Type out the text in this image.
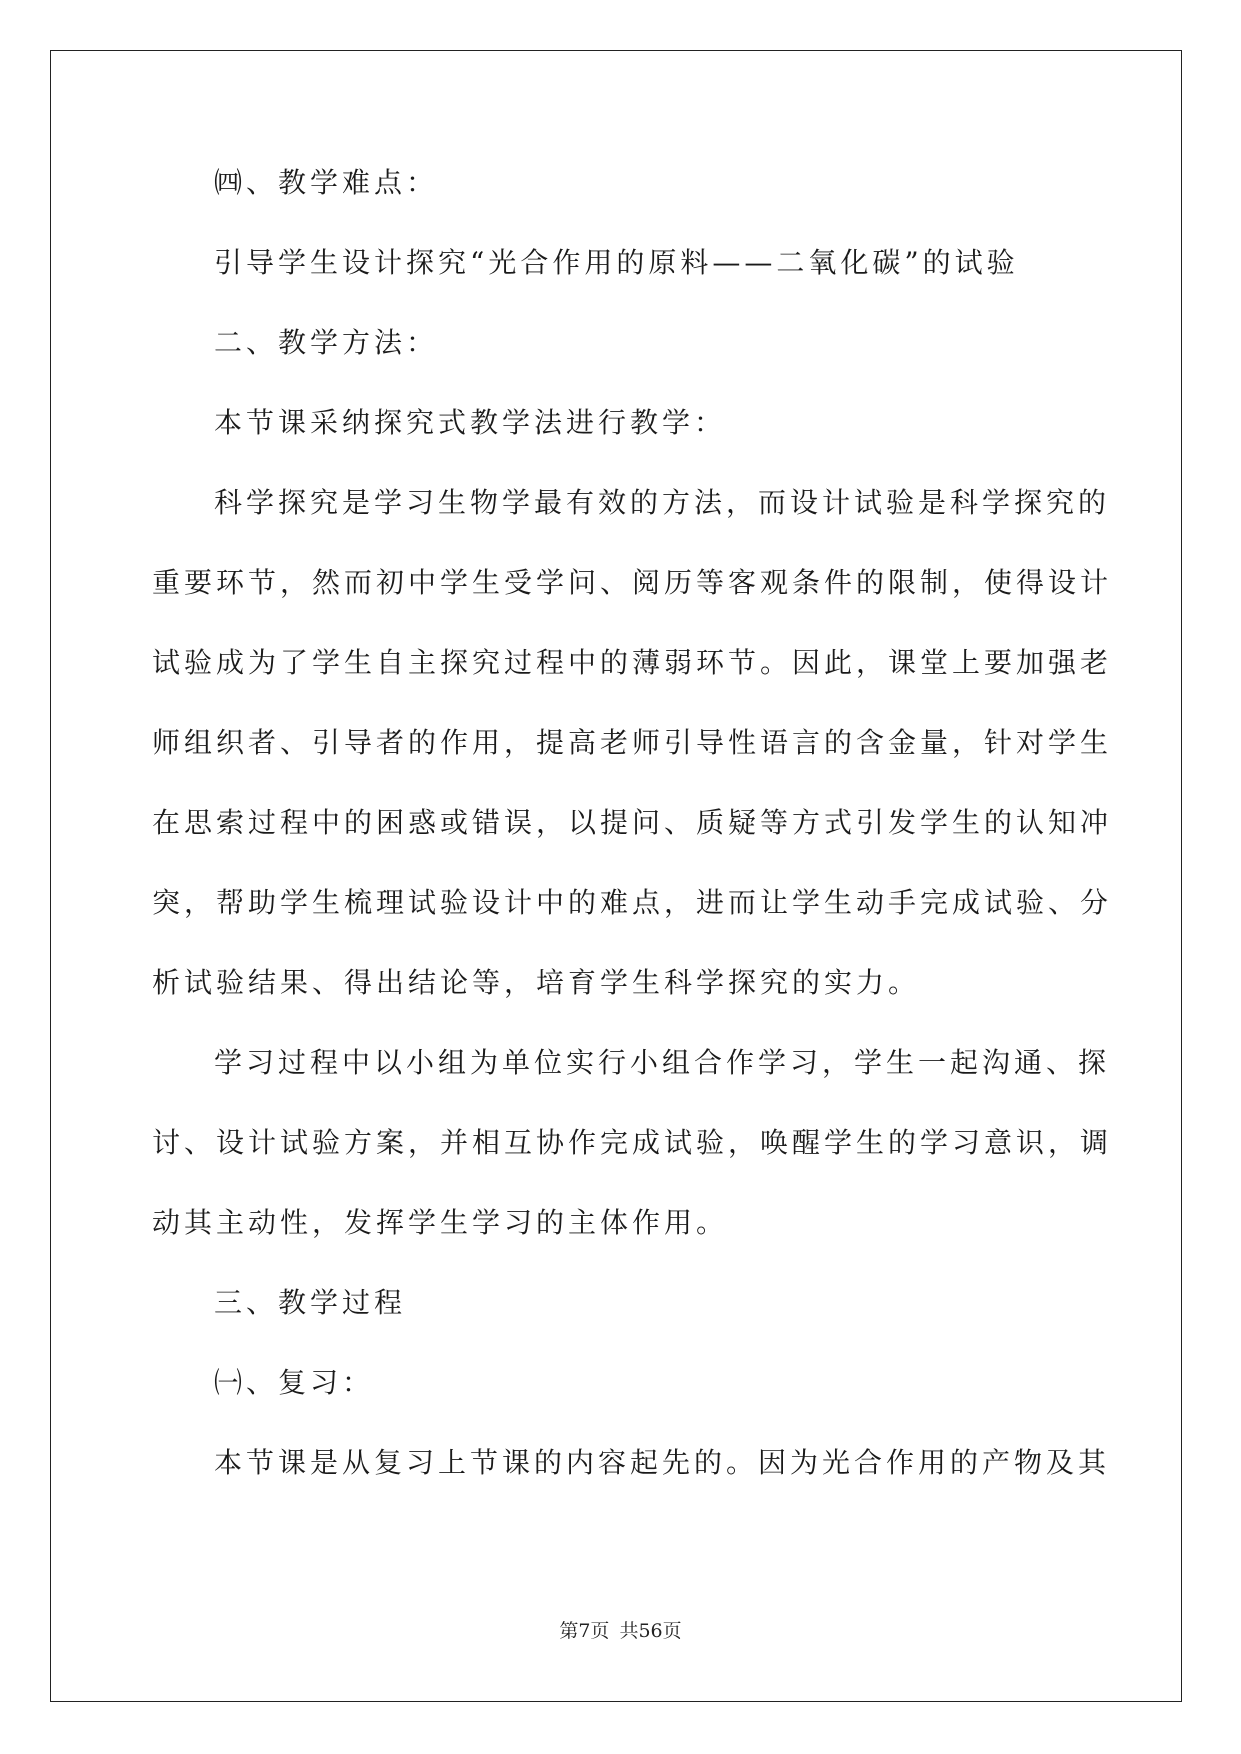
㈣、教学难点：

引导学生设计探究“光合作用的原料——二氧化碳”的试验

二、教学方法：

本节课采纳探究式教学法进行教学：

科学探究是学习生物学最有效的方法，而设计试验是科学探究的
重要环节，然而初中学生受学问、阅历等客观条件的限制，使得设计
试验成为了学生自主探究过程中的薄弱环节。因此，课堂上要加强老
师组织者、引导者的作用，提高老师引导性语言的含金量，针对学生
在思索过程中的困惑或错误，以提问、质疑等方式引发学生的认知冲
突，帮助学生梳理试验设计中的难点，进而让学生动手完成试验、分
析试验结果、得出结论等，培育学生科学探究的实力。
学习过程中以小组为单位实行小组合作学习，学生一起沟通、探
讨、设计试验方案，并相互协作完成试验，唤醒学生的学习意识，调
动其主动性，发挥学生学习的主体作用。

三、教学过程

㈠、复习：

本节课是从复习上节课的内容起先的。因为光合作用的产物及其

第7页 共56页
